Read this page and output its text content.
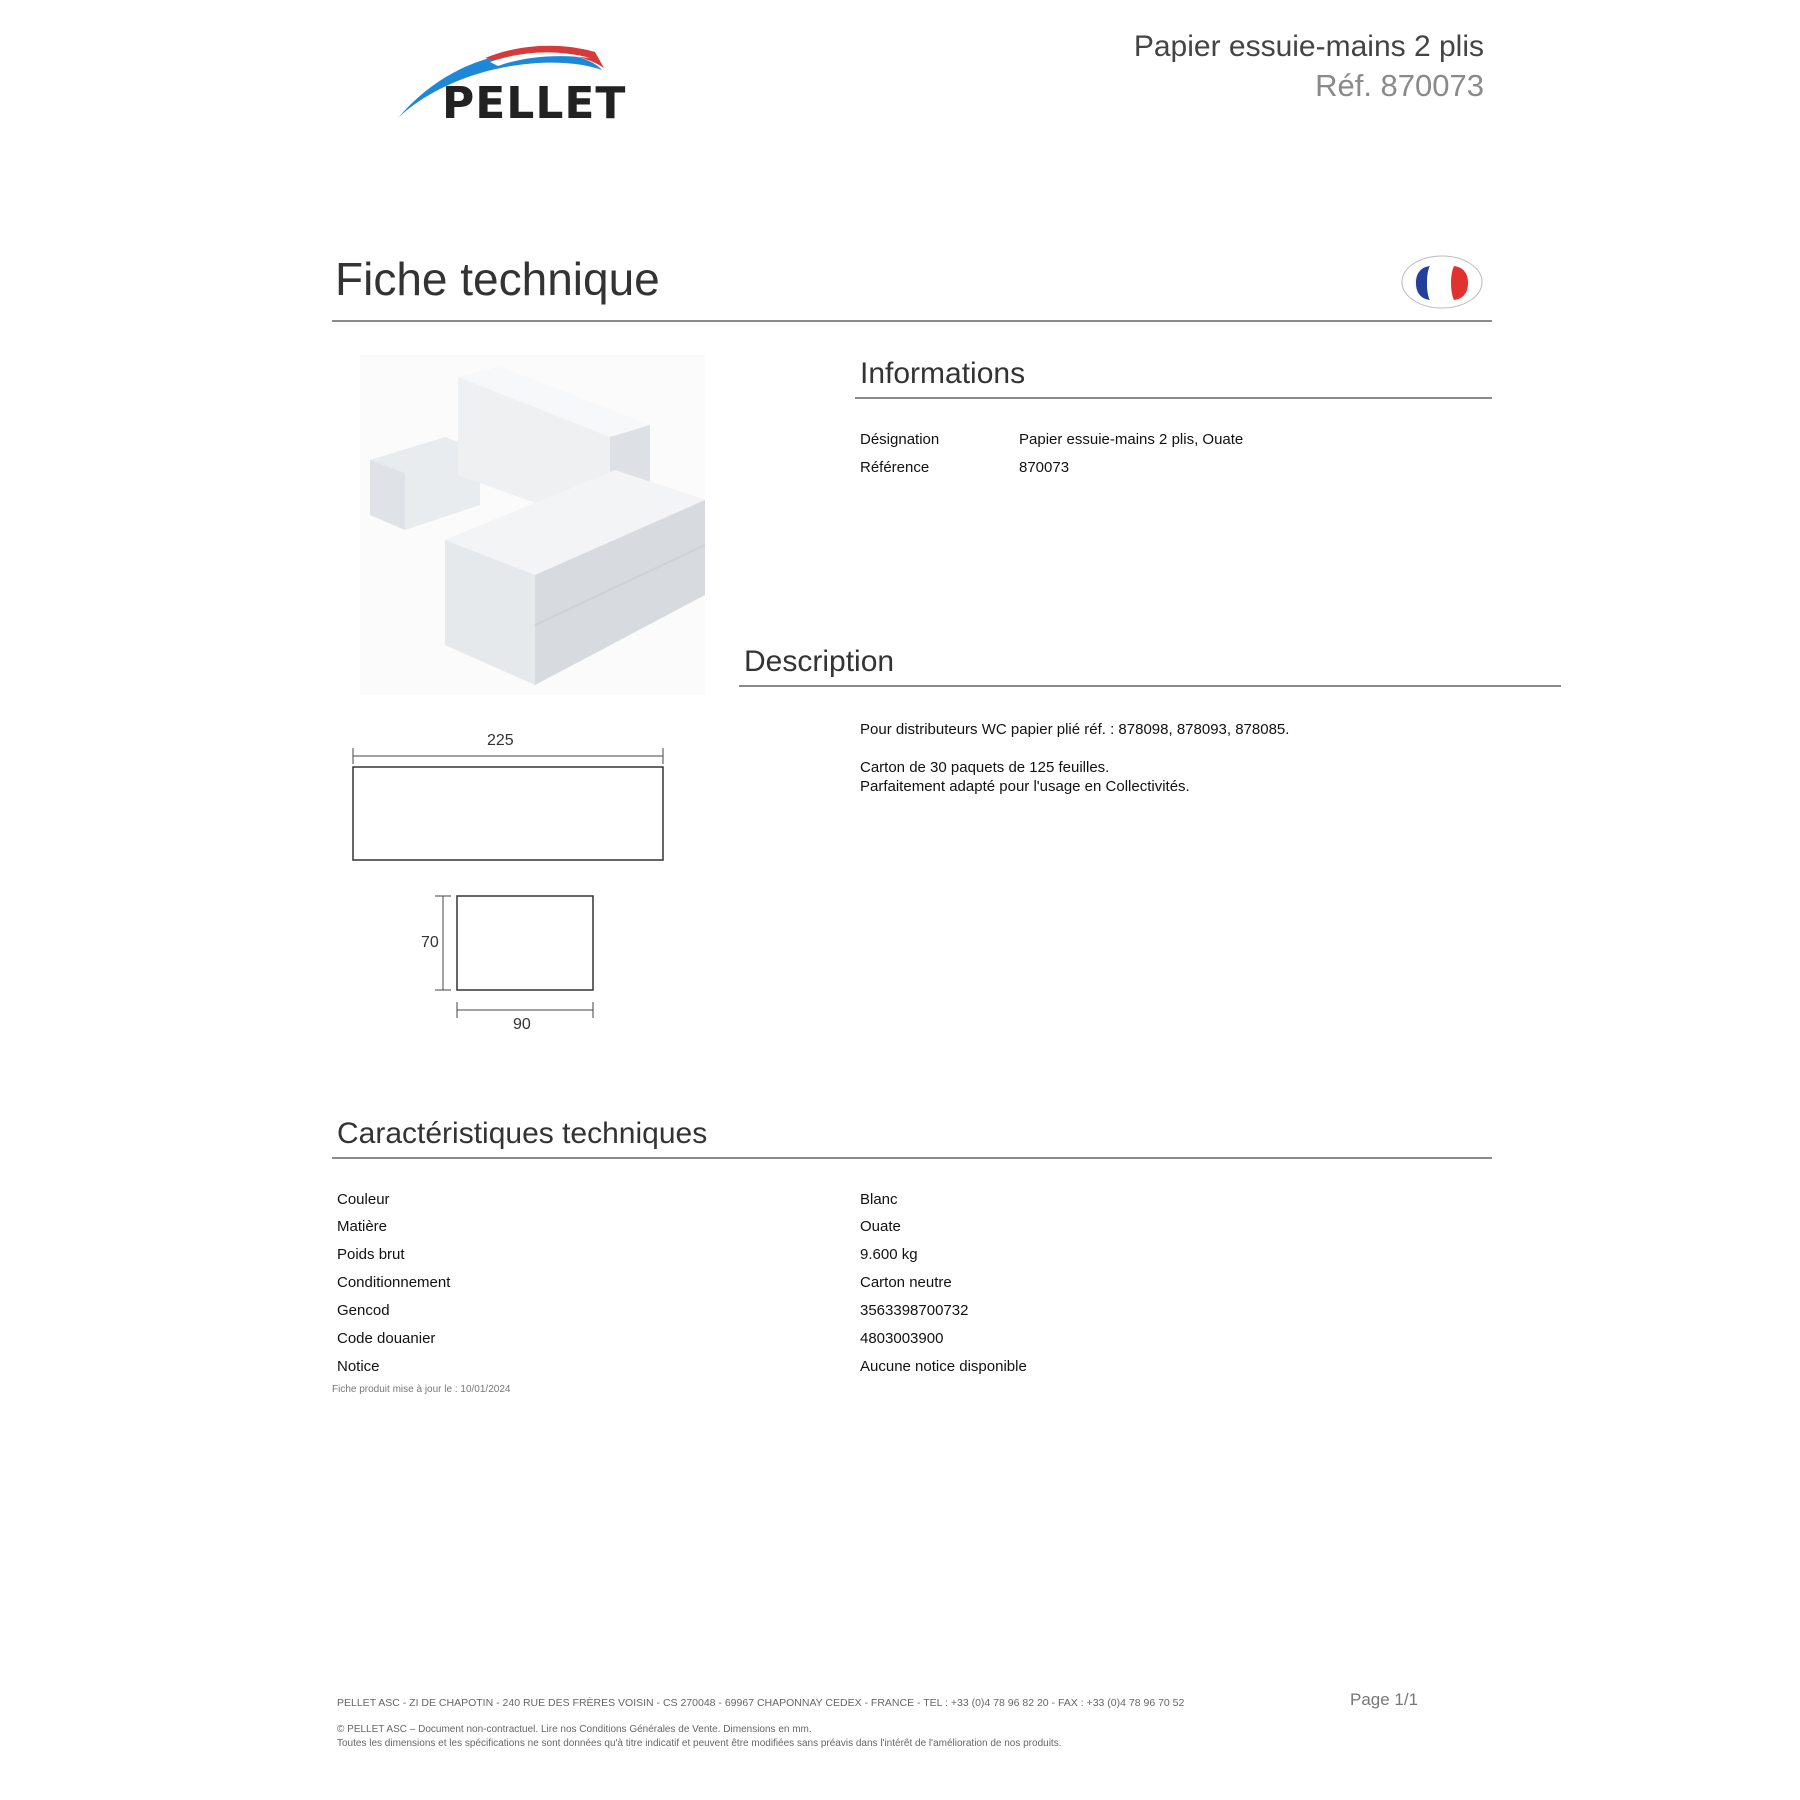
PELLET
Papier essuie-mains 2 plis
Réf. 870073
Fiche technique
225
70
90
Informations
Désignation	Papier essuie-mains 2 plis, Ouate
Référence	870073
Description
Pour distributeurs WC papier plié réf. : 878098, 878093, 878085.
Carton de 30 paquets de 125 feuilles.
Parfaitement adapté pour l'usage en Collectivités.
Caractéristiques techniques
Couleur	Blanc
Matière	Ouate
Poids brut	9.600 kg
Conditionnement	Carton neutre
Gencod	3563398700732
Code douanier	4803003900
Notice	Aucune notice disponible
Fiche produit mise à jour le : 10/01/2024
PELLET ASC - ZI DE CHAPOTIN - 240 RUE DES FRÈRES VOISIN - CS 270048 - 69967 CHAPONNAY CEDEX - FRANCE - TEL : +33 (0)4 78 96 82 20 - FAX : +33 (0)4 78 96 70 52	Page 1/1
© PELLET ASC – Document non-contractuel. Lire nos Conditions Générales de Vente. Dimensions en mm.
Toutes les dimensions et les spécifications ne sont données qu'à titre indicatif et peuvent être modifiées sans préavis dans l'intérêt de l'amélioration de nos produits.
